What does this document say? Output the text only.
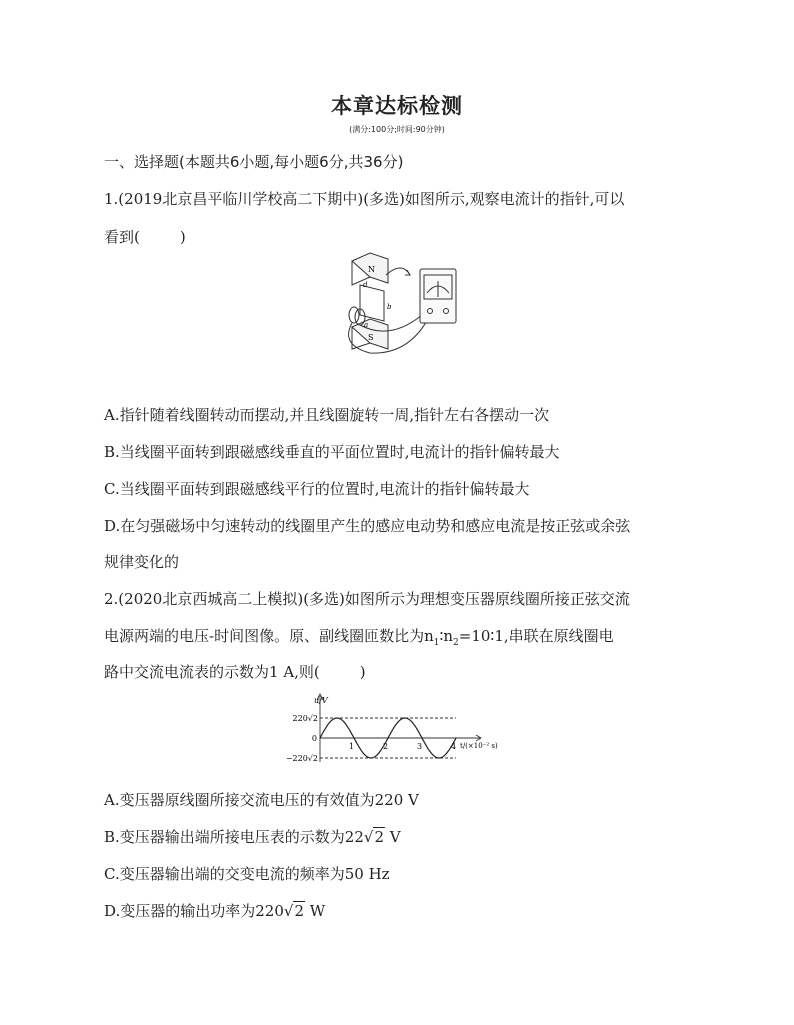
本章达标检测
(满分:100分;时间:90分钟)
一、选择题(本题共6小题,每小题6分,共36分)
1.(2019北京昌平临川学校高二下期中)(多选)如图所示,观察电流计的指针,可以
看到(	)
N
S
a
b
d
A.指针随着线圈转动而摆动,并且线圈旋转一周,指针左右各摆动一次
B.当线圈平面转到跟磁感线垂直的平面位置时,电流计的指针偏转最大
C.当线圈平面转到跟磁感线平行的位置时,电流计的指针偏转最大
D.在匀强磁场中匀速转动的线圈里产生的感应电动势和感应电流是按正弦或余弦
规律变化的
2.(2020北京西城高二上模拟)(多选)如图所示为理想变压器原线圈所接正弦交流
电源两端的电压-时间图像。原、副线圈匝数比为$n_1∶n_2=10∶1$,串联在原线圈电
路中交流电流表的示数为1 A,则(	)
u/V
220√2
0
−220√2
1	2	3	4 t/(×10⁻² s)
A.变压器原线圈所接交流电压的有效值为220 V
B.变压器输出端所接电压表的示数为22√2 V
C.变压器输出端的交变电流的频率为50 Hz
D.变压器的输出功率为220√2 W
